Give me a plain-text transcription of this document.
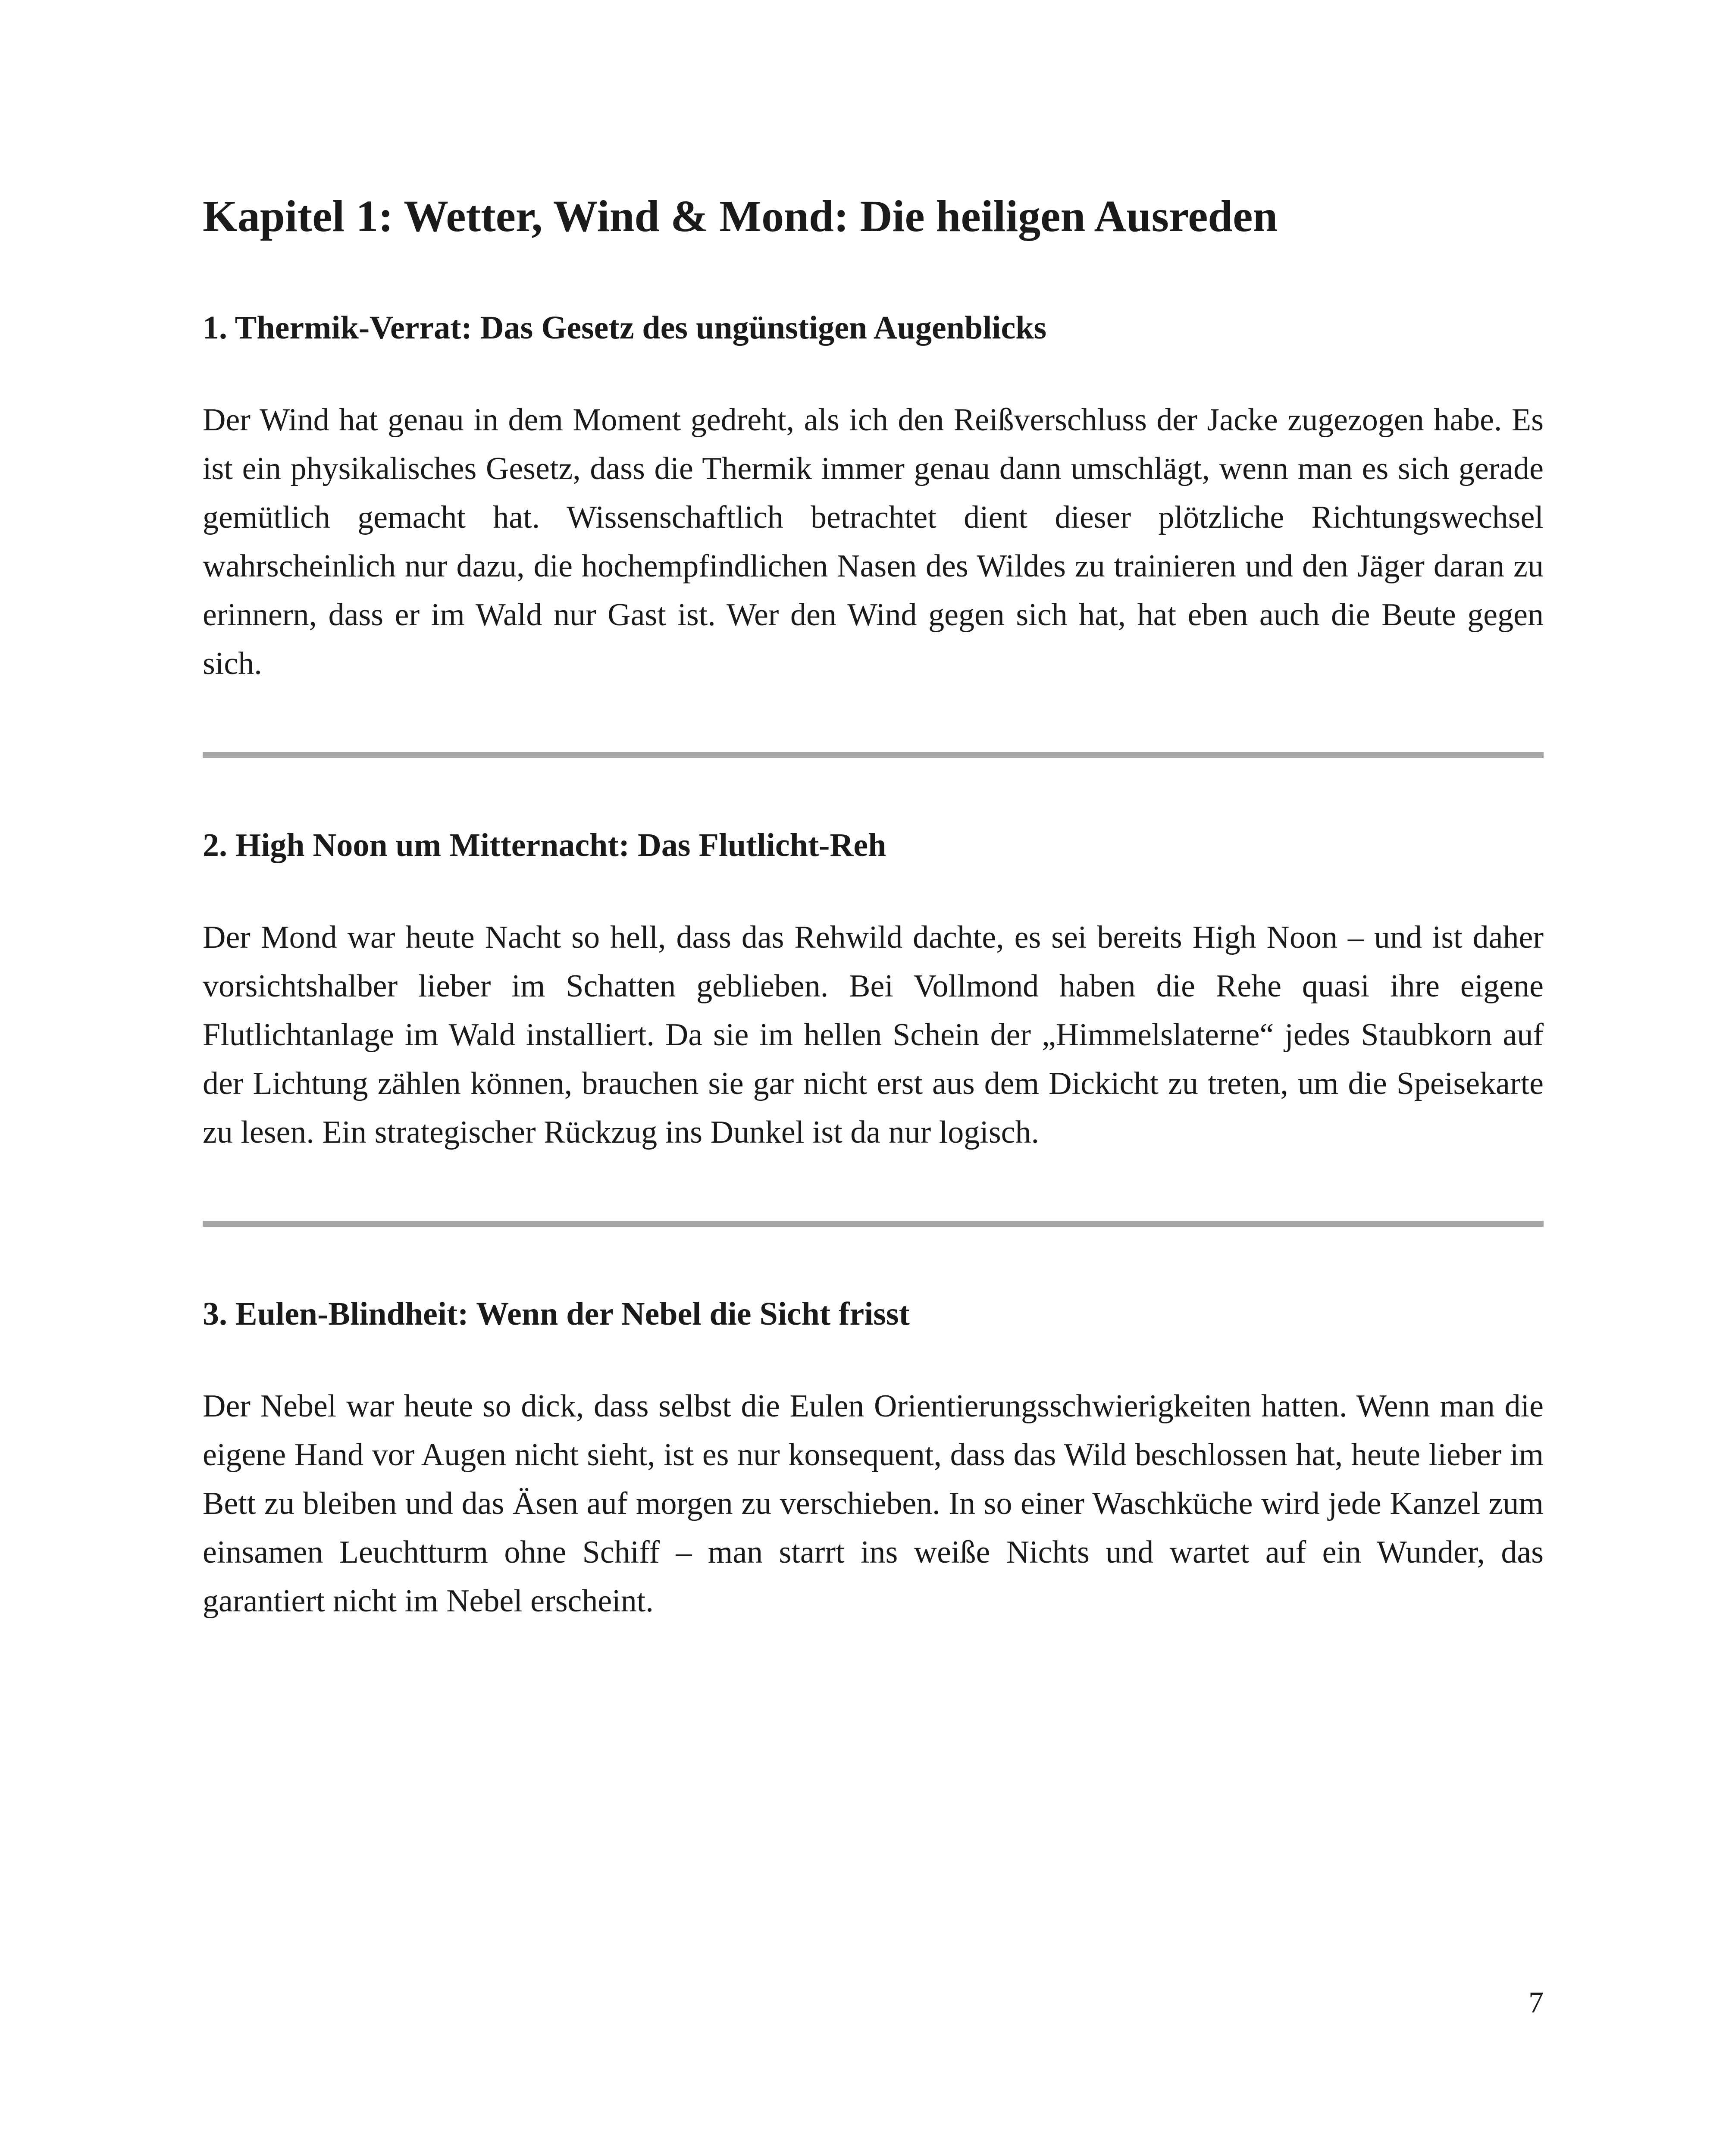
Kapitel 1: Wetter, Wind & Mond: Die heiligen Ausreden
1. Thermik-Verrat: Das Gesetz des ungünstigen Augenblicks

Der Wind hat genau in dem Moment gedreht, als ich den Reißverschluss der Jacke zugezogen habe. Es ist ein physikalisches Gesetz, dass die Thermik immer genau dann umschlägt, wenn man es sich gerade gemütlich gemacht hat. Wissenschaftlich betrachtet dient dieser plötzliche Richtungswechsel wahrscheinlich nur dazu, die hochempfindlichen Nasen des Wildes zu trainieren und den Jäger daran zu erinnern, dass er im Wald nur Gast ist. Wer den Wind gegen sich hat, hat eben auch die Beute gegen sich.

2. High Noon um Mitternacht: Das Flutlicht-Reh

Der Mond war heute Nacht so hell, dass das Rehwild dachte, es sei bereits High Noon – und ist daher vorsichtshalber lieber im Schatten geblieben. Bei Vollmond haben die Rehe quasi ihre eigene Flutlichtanlage im Wald installiert. Da sie im hellen Schein der „Himmelslaterne“ jedes Staubkorn auf der Lichtung zählen können, brauchen sie gar nicht erst aus dem Dickicht zu treten, um die Speisekarte zu lesen. Ein strategischer Rückzug ins Dunkel ist da nur logisch.

3. Eulen-Blindheit: Wenn der Nebel die Sicht frisst

Der Nebel war heute so dick, dass selbst die Eulen Orientierungsschwierigkeiten hatten. Wenn man die eigene Hand vor Augen nicht sieht, ist es nur konsequent, dass das Wild beschlossen hat, heute lieber im Bett zu bleiben und das Äsen auf morgen zu verschieben. In so einer Waschküche wird jede Kanzel zum einsamen Leuchtturm ohne Schiff – man starrt ins weiße Nichts und wartet auf ein Wunder, das garantiert nicht im Nebel erscheint.

7
